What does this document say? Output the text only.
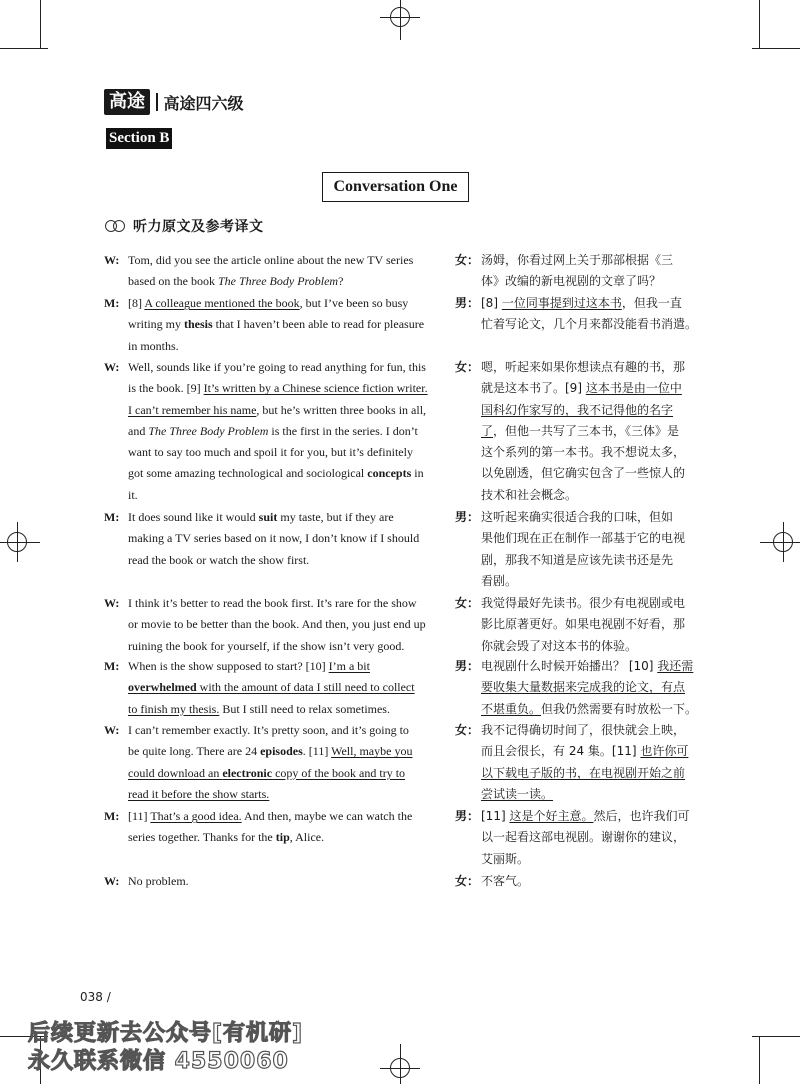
高途	高途四六级
Section B
Conversation One
听力原文及参考译文
W: Tom, did you see the article online about the new TV series
based on the book The Three Body Problem?
M: [8] A colleague mentioned the book, but I’ve been so busy
writing my thesis that I haven’t been able to read for pleasure
in months.
W: Well, sounds like if you’re going to read anything for fun, this
is the book. [9] It’s written by a Chinese science fiction writer.
I can’t remember his name, but he’s written three books in all,
and The Three Body Problem is the first in the series. I don’t
want to say too much and spoil it for you, but it’s definitely
got some amazing technological and sociological concepts in
it.
M: It does sound like it would suit my taste, but if they are
making a TV series based on it now, I don’t know if I should
read the book or watch the show first.
W: I think it’s better to read the book first. It’s rare for the show
or movie to be better than the book. And then, you just end up
ruining the book for yourself, if the show isn’t very good.
M: When is the show supposed to start? [10] I’m a bit
overwhelmed with the amount of data I still need to collect
to finish my thesis. But I still need to relax sometimes.
W: I can’t remember exactly. It’s pretty soon, and it’s going to
be quite long. There are 24 episodes. [11] Well, maybe you
could download an electronic copy of the book and try to
read it before the show starts.
M: [11] That’s a good idea. And then, maybe we can watch the
series together. Thanks for the tip, Alice.
W: No problem.
女： 汤姆，你看过网上关于那部根据《三
体》改编的新电视剧的文章了吗？
男： [8] 一位同事提到过这本书，但我一直
忙着写论文，几个月来都没能看书消遣。
女： 嗯，听起来如果你想读点有趣的书，那
就是这本书了。[9] 这本书是由一位中
国科幻作家写的，我不记得他的名字
了，但他一共写了三本书，《三体》是
这个系列的第一本书。我不想说太多，
以免剧透，但它确实包含了一些惊人的
技术和社会概念。
男： 这听起来确实很适合我的口味，但如
果他们现在正在制作一部基于它的电视
剧，那我不知道是应该先读书还是先
看剧。
女： 我觉得最好先读书。很少有电视剧或电
影比原著更好。如果电视剧不好看，那
你就会毁了对这本书的体验。
男： 电视剧什么时候开始播出？ [10] 我还需
要收集大量数据来完成我的论文，有点
不堪重负。但我仍然需要有时放松一下。
女： 我不记得确切时间了，很快就会上映，
而且会很长，有 24 集。[11] 也许你可
以下载电子版的书，在电视剧开始之前
尝试读一读。
男： [11] 这是个好主意。然后，也许我们可
以一起看这部电视剧。谢谢你的建议，
艾丽斯。
女： 不客气。
038 /
后续更新去公众号[有机研]
永久联系微信 4550060
